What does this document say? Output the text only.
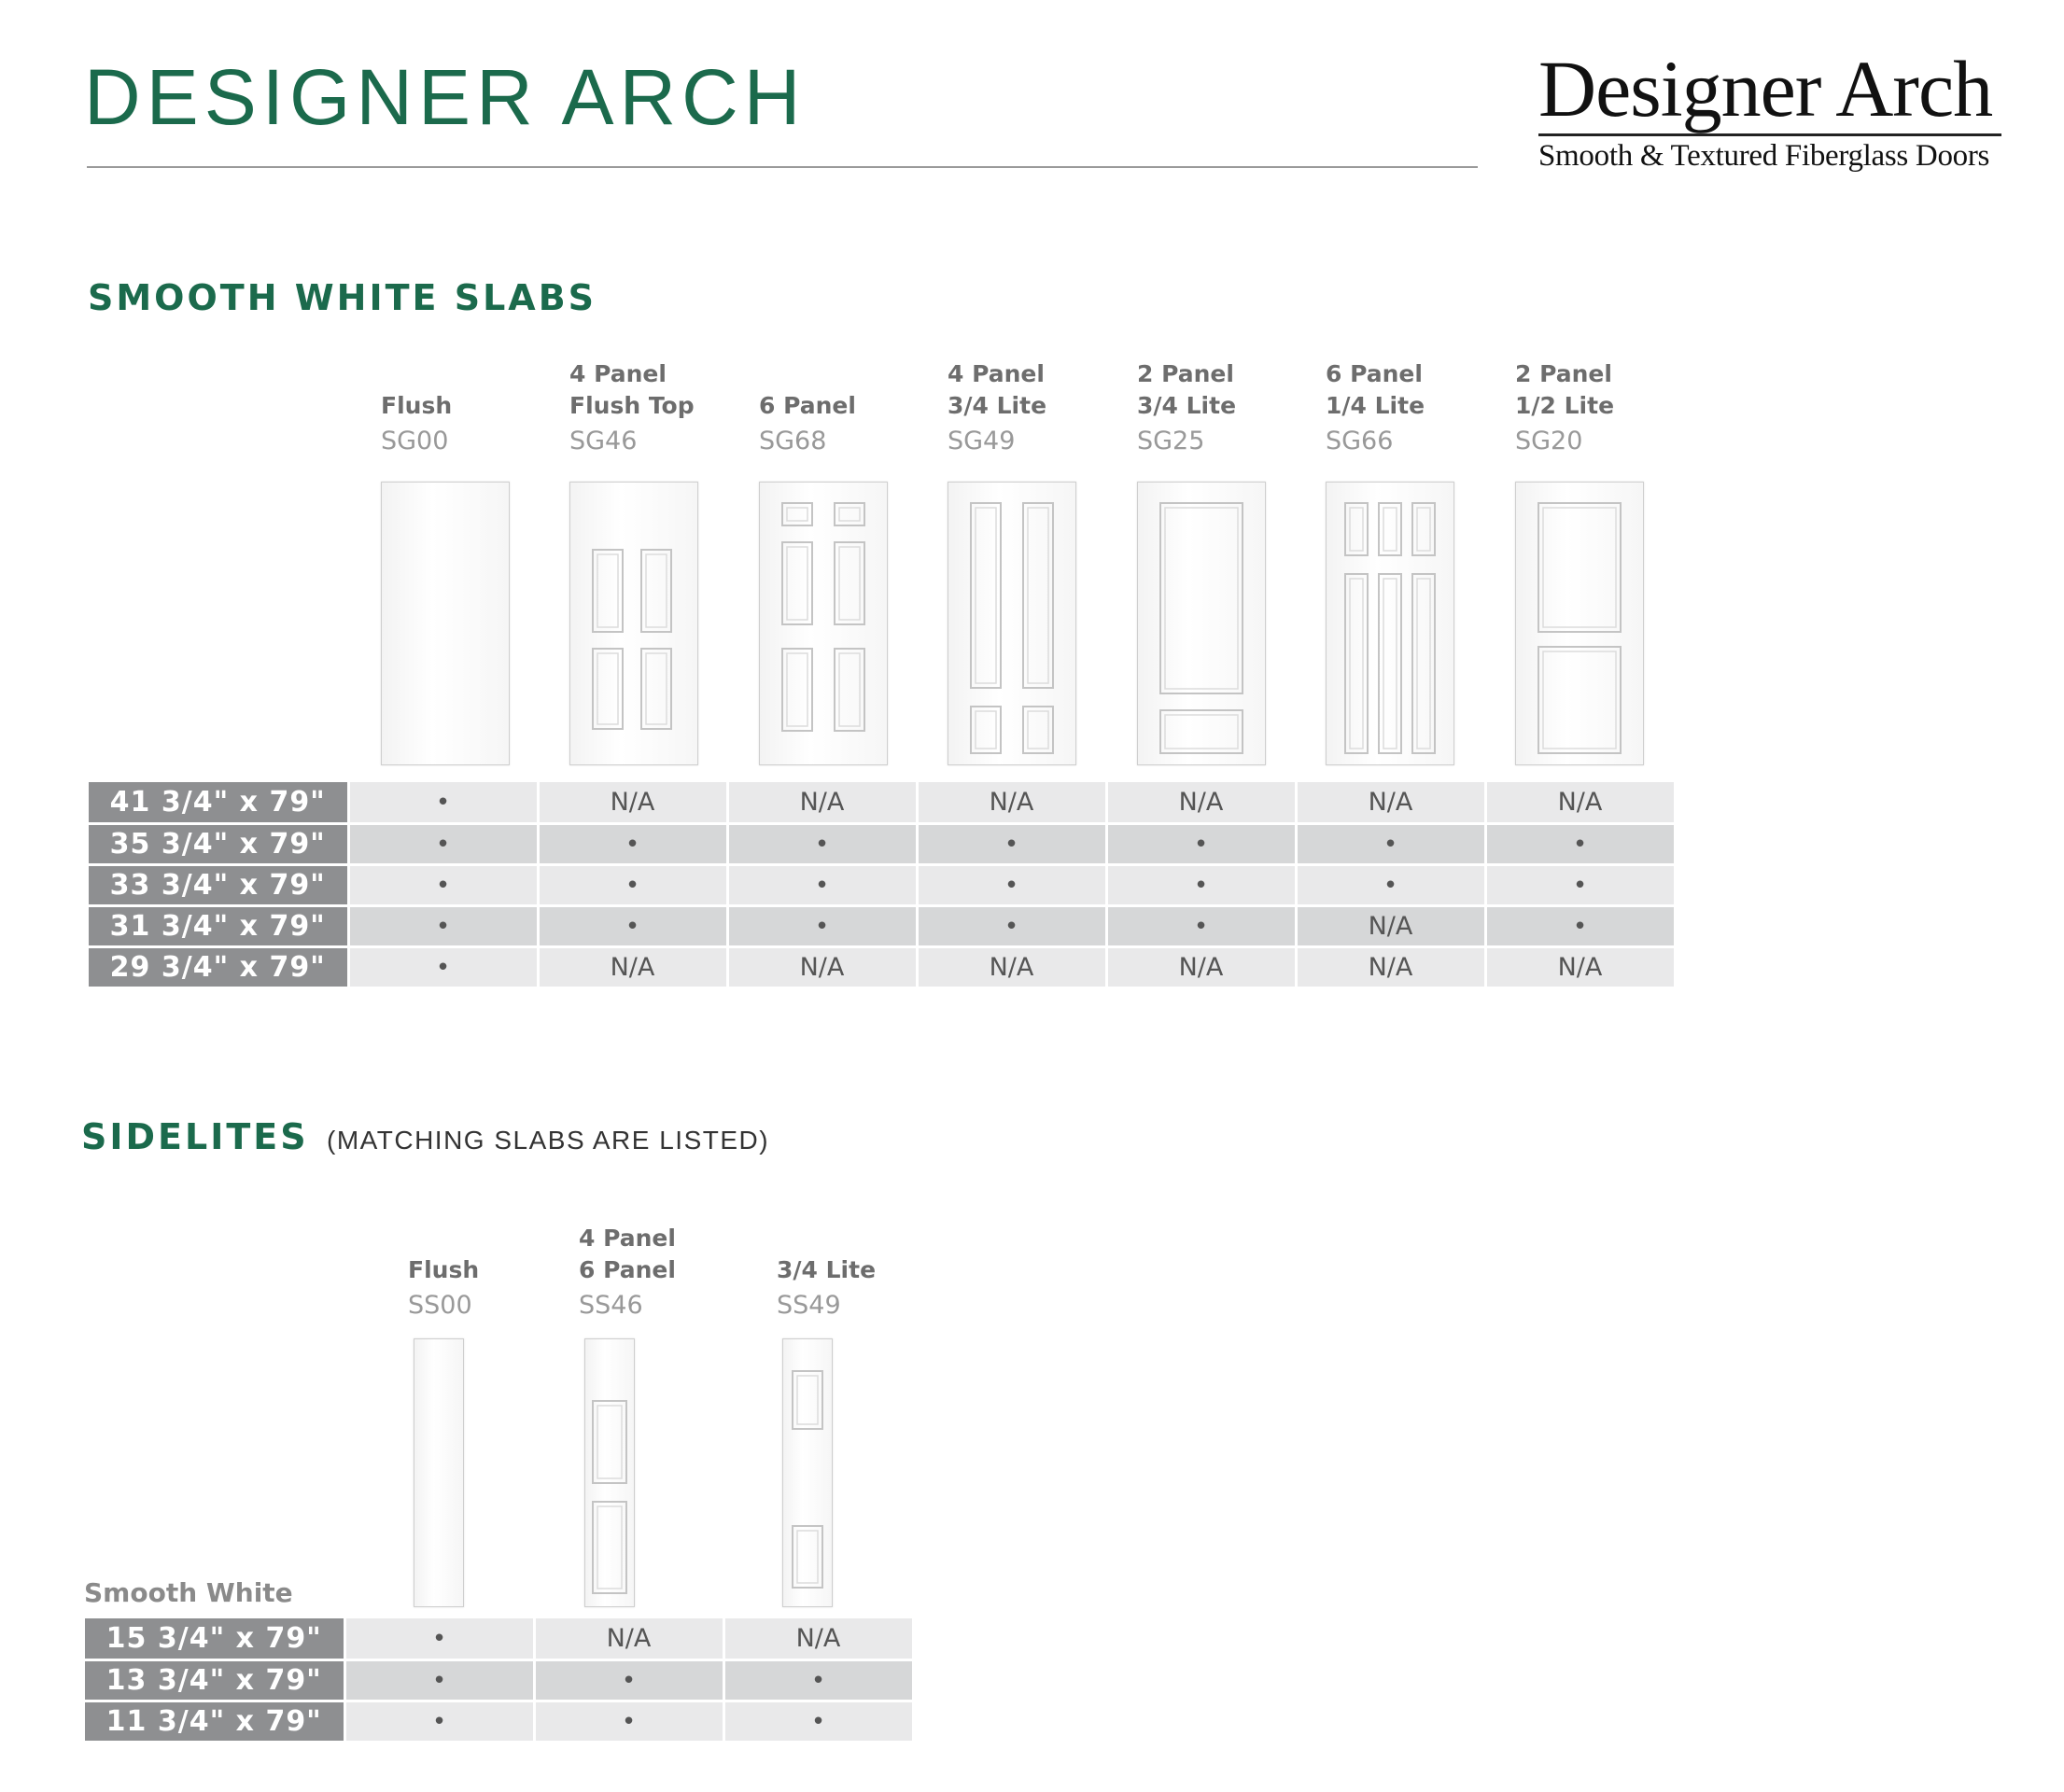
DESIGNER ARCH	Designer Arch
Smooth & Textured Fiberglass Doors
SMOOTH WHITE SLABS
Flush
SG00
4 Panel
Flush Top
SG46
6 Panel
SG68
4 Panel
3/4 Lite
SG49
2 Panel
3/4 Lite
SG25
6 Panel
1/4 Lite
SG66
2 Panel
1/2 Lite
SG20
41 3/4" x 79"	•	N/A	N/A	N/A	N/A	N/A	N/A
35 3/4" x 79"	•	•	•	•	•	•	•
33 3/4" x 79"	•	•	•	•	•	•	•
31 3/4" x 79"	•	•	•	•	•	N/A	•
29 3/4" x 79"	•	N/A	N/A	N/A	N/A	N/A	N/A
SIDELITES (MATCHING SLABS ARE LISTED)
Smooth White
Flush
SS00
4 Panel
6 Panel
SS46
3/4 Lite
SS49
15 3/4" x 79"	•	N/A	N/A
13 3/4" x 79"	•	•	•
11 3/4" x 79"	•	•	•
